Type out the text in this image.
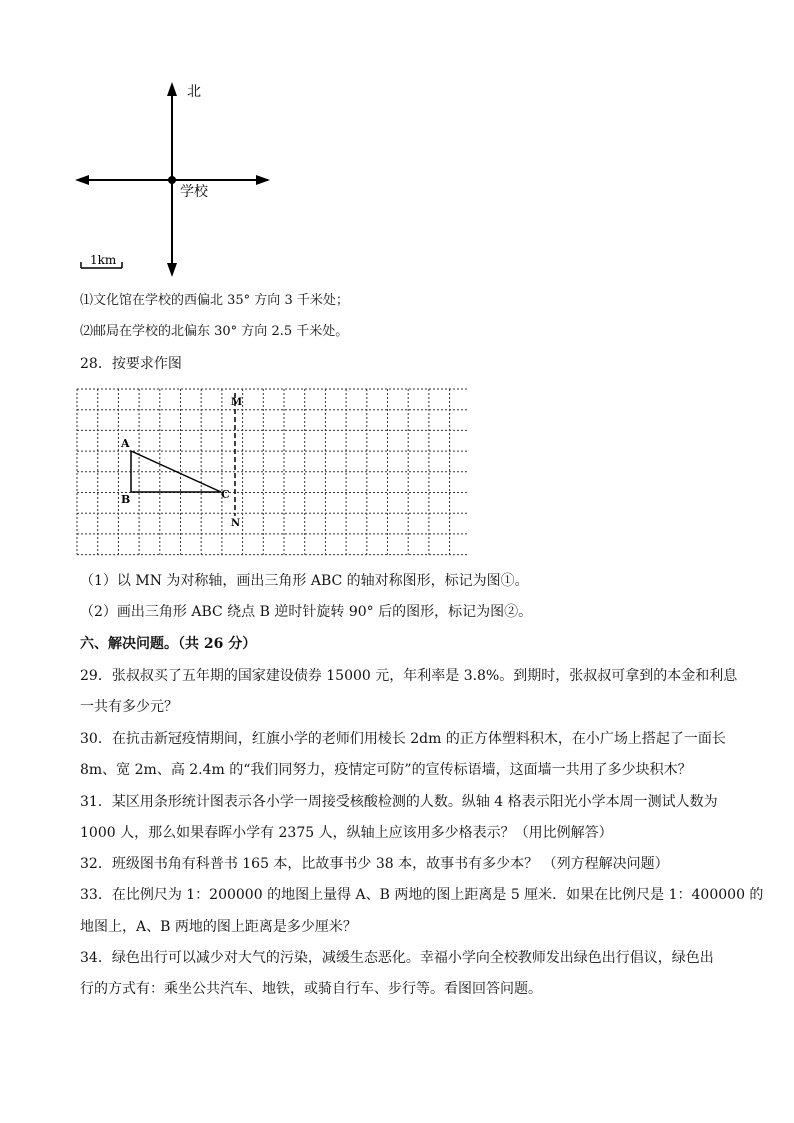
北
学校
1km
⑴文化馆在学校的西偏北 35° 方向 3 千米处；
⑵邮局在学校的北偏东 30° 方向 2.5 千米处。
28．按要求作图
M
N
A
B	C
（1）以 MN 为对称轴，画出三角形 ABC 的轴对称图形，标记为图①。
（2）画出三角形 ABC 绕点 B 逆时针旋转 90° 后的图形，标记为图②。
六、解决问题。（共 26 分）
29．张叔叔买了五年期的国家建设债券 15000 元，年利率是 3.8%。到期时，张叔叔可拿到的本金和利息
一共有多少元？
30．在抗击新冠疫情期间，红旗小学的老师们用棱长 2dm 的正方体塑料积木，在小广场上搭起了一面长
8m、宽 2m、高 2.4m 的“我们同努力，疫情定可防”的宣传标语墙，这面墙一共用了多少块积木？
31．某区用条形统计图表示各小学一周接受核酸检测的人数。纵轴 4 格表示阳光小学本周一测试人数为
1000 人，那么如果春晖小学有 2375 人，纵轴上应该用多少格表示？（用比例解答）
32．班级图书角有科普书 165 本，比故事书少 38 本，故事书有多少本？ （列方程解决问题）
33．在比例尺为 1：200000 的地图上量得 A、B 两地的图上距离是 5 厘米．如果在比例尺是 1：400000 的
地图上，A、B 两地的图上距离是多少厘米？
34．绿色出行可以减少对大气的污染，减缓生态恶化。幸福小学向全校教师发出绿色出行倡议，绿色出
行的方式有：乘坐公共汽车、地铁，或骑自行车、步行等。看图回答问题。
